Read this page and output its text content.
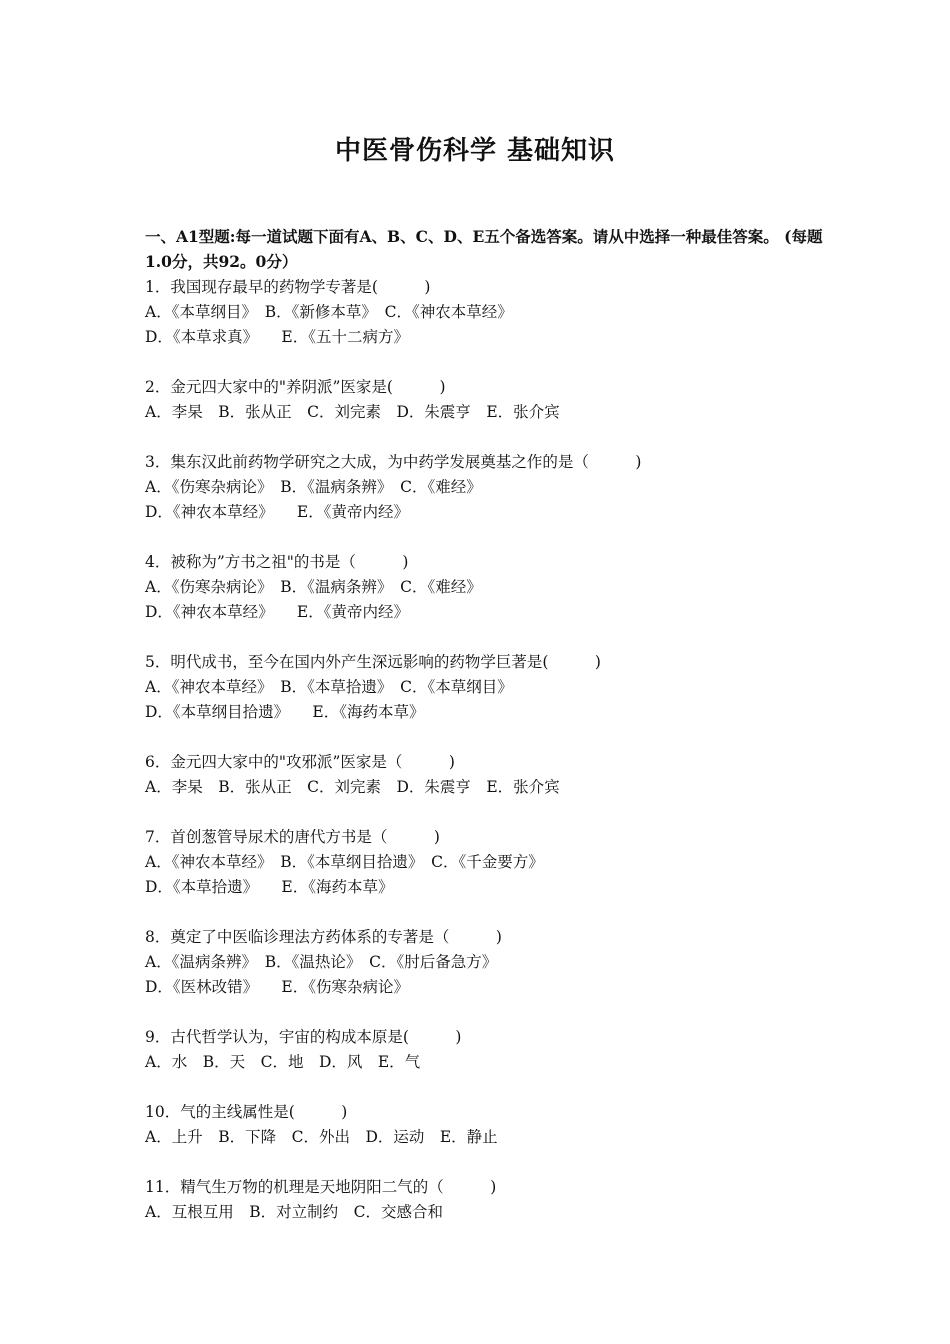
中医骨伤科学 基础知识
一、A1型题:每一道试题下面有A、B、C、D、E五个备选答案。请从中选择一种最佳答案。 (每题1.0分，共92。0分）
1．我国现存最早的药物学专著是(　　　)
A．《本草纲目》　B．《新修本草》　C．《神农本草经》
D．《本草求真》　　E．《五十二病方》
2．金元四大家中的"养阴派”医家是(　　　)
A．李杲　B．张从正　C．刘完素　D．朱震亨　E．张介宾
3．集东汉此前药物学研究之大成，为中药学发展奠基之作的是（　　　)
A．《伤寒杂病论》　B．《温病条辨》　C．《难经》
D．《神农本草经》　　E．《黄帝内经》
4．被称为”方书之祖"的书是（　　　)
A．《伤寒杂病论》　B．《温病条辨》　C．《难经》
D．《神农本草经》　　E．《黄帝内经》
5．明代成书，至今在国内外产生深远影响的药物学巨著是(　　　)
A．《神农本草经》　B．《本草拾遗》　C．《本草纲目》
D．《本草纲目拾遗》　　E．《海药本草》
6．金元四大家中的"攻邪派”医家是（　　　)
A．李杲　B．张从正　C．刘完素　D．朱震亨　E．张介宾
7．首创葱管导尿术的唐代方书是（　　　)
A．《神农本草经》　B．《本草纲目拾遗》　C．《千金要方》
D．《本草拾遗》　　E．《海药本草》
8．奠定了中医临诊理法方药体系的专著是（　　　)
A．《温病条辨》　B．《温热论》　C．《肘后备急方》
D．《医林改错》　　E．《伤寒杂病论》
9．古代哲学认为，宇宙的构成本原是(　　　)
A．水　B．天　C．地　D．风　E．气
10．气的主线属性是(　　　)
A．上升　B．下降　C．外出　D．运动　E．静止
11．精气生万物的机理是天地阴阳二气的（　　　)
A．互根互用　B．对立制约　C．交感合和
